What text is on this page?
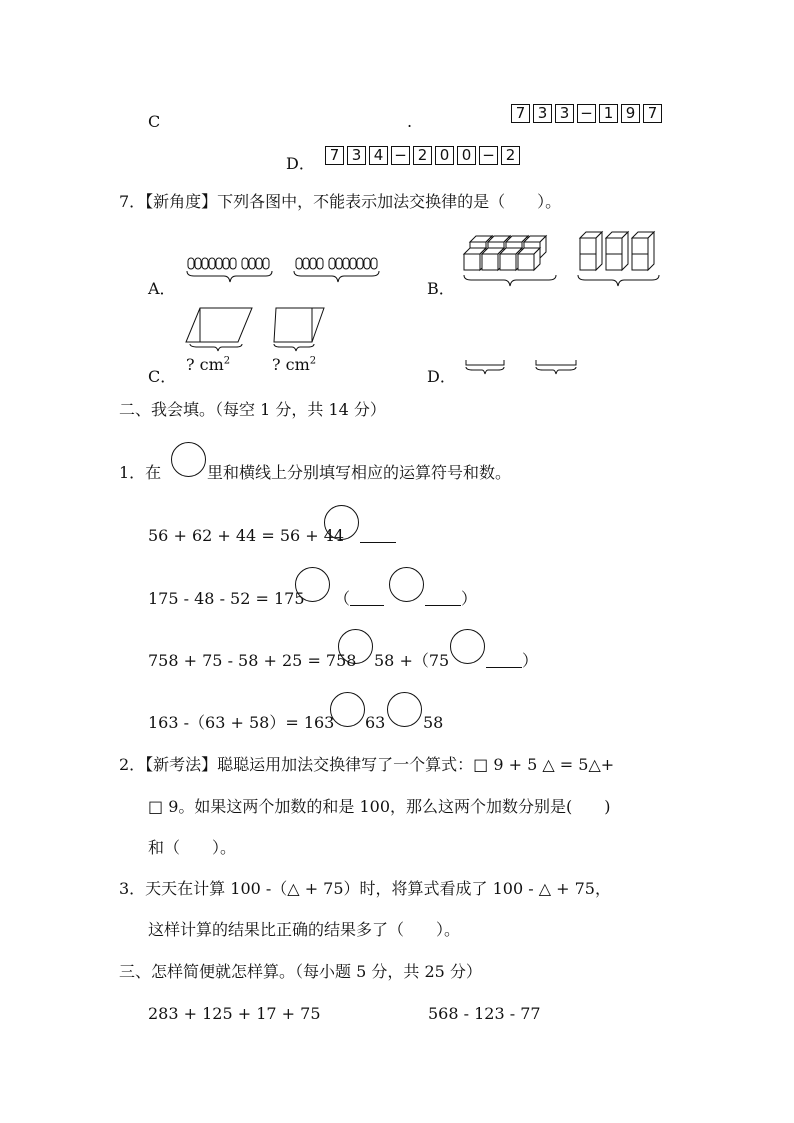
C	.	7 3 3 − 1 9 7
D． 7 3 4 − 2 0 0 − 2
7．【新角度】下列各图中，不能表示加法交换律的是（　　）。
A．	B．
C．
? $cm^2$	? $cm^2$
D．
二、我会填。（每空 1 分，共 14 分）
1．在	里和横线上分别填写相应的运算符号和数。
56 + 62 + 44 = 56 + 44
175 - 48 - 52 = 175 （	）
758 + 75 - 58 + 25 = 758 58 +（75	）
163 -（63 + 58）= 163 63 58
2．【新考法】聪聪运用加法交换律写了一个算式：□ 9 + 5 △ = 5△+
□ 9。如果这两个加数的和是 100，那么这两个加数分别是(　　)
和（　　）。
3．天天在计算 100 -（△ + 75）时，将算式看成了 100 - △ + 75，
这样计算的结果比正确的结果多了（　　）。
三、怎样简便就怎样算。（每小题 5 分，共 25 分）
283 + 125 + 17 + 75	568 - 123 - 77
